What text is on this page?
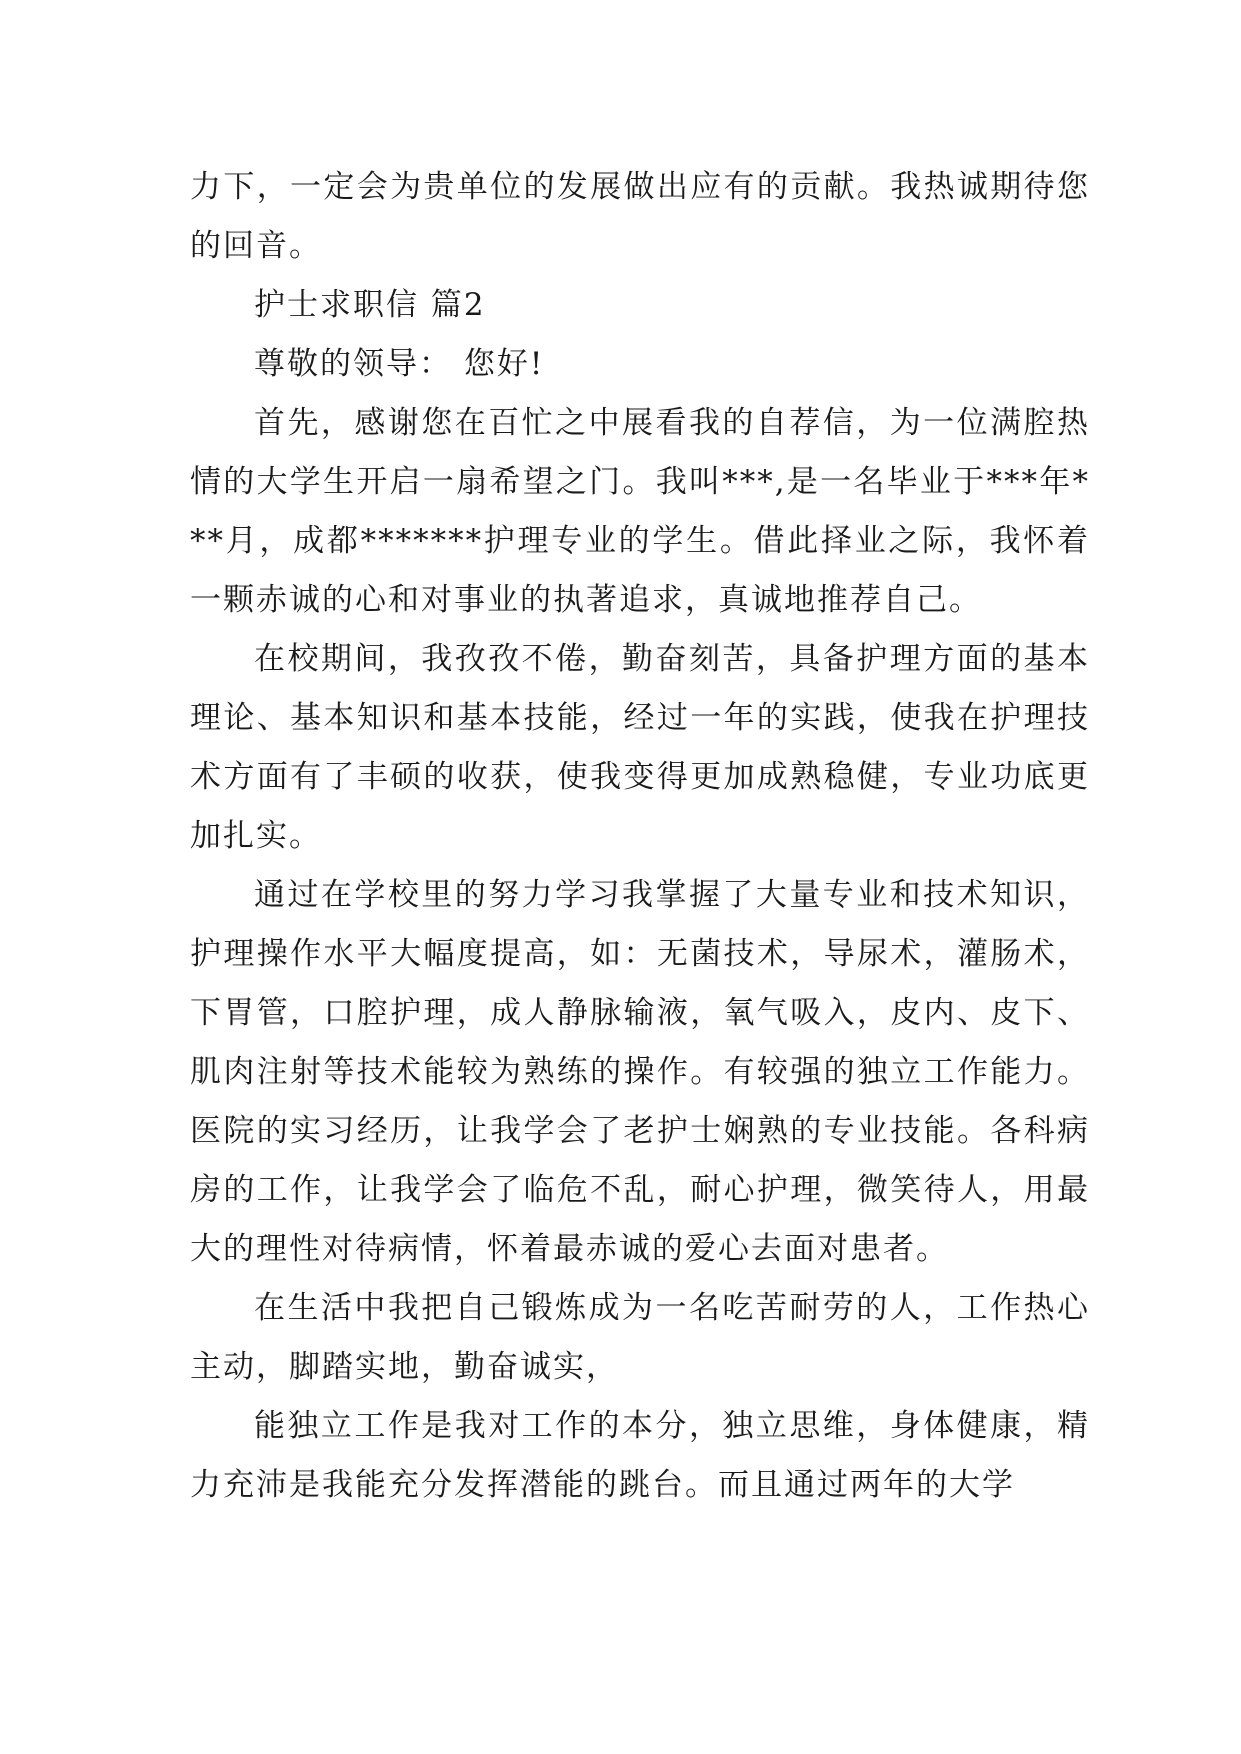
力下，一定会为贵单位的发展做出应有的贡献。我热诚期待您的回音。

护士求职信 篇2

尊敬的领导： 您好!

首先，感谢您在百忙之中展看我的自荐信，为一位满腔热情的大学生开启一扇希望之门。我叫***,是一名毕业于***年***月，成都*******护理专业的学生。借此择业之际，我怀着一颗赤诚的心和对事业的执著追求，真诚地推荐自己。

在校期间，我孜孜不倦，勤奋刻苦，具备护理方面的基本理论、基本知识和基本技能，经过一年的实践，使我在护理技术方面有了丰硕的收获，使我变得更加成熟稳健，专业功底更加扎实。

通过在学校里的努力学习我掌握了大量专业和技术知识，护理操作水平大幅度提高，如：无菌技术，导尿术，灌肠术，下胃管，口腔护理，成人静脉输液，氧气吸入，皮内、皮下、肌肉注射等技术能较为熟练的操作。有较强的独立工作能力。医院的实习经历，让我学会了老护士娴熟的专业技能。各科病房的工作，让我学会了临危不乱，耐心护理，微笑待人，用最大的理性对待病情，怀着最赤诚的爱心去面对患者。

在生活中我把自己锻炼成为一名吃苦耐劳的人，工作热心主动，脚踏实地，勤奋诚实，

能独立工作是我对工作的本分，独立思维，身体健康，精力充沛是我能充分发挥潜能的跳台。而且通过两年的大学
